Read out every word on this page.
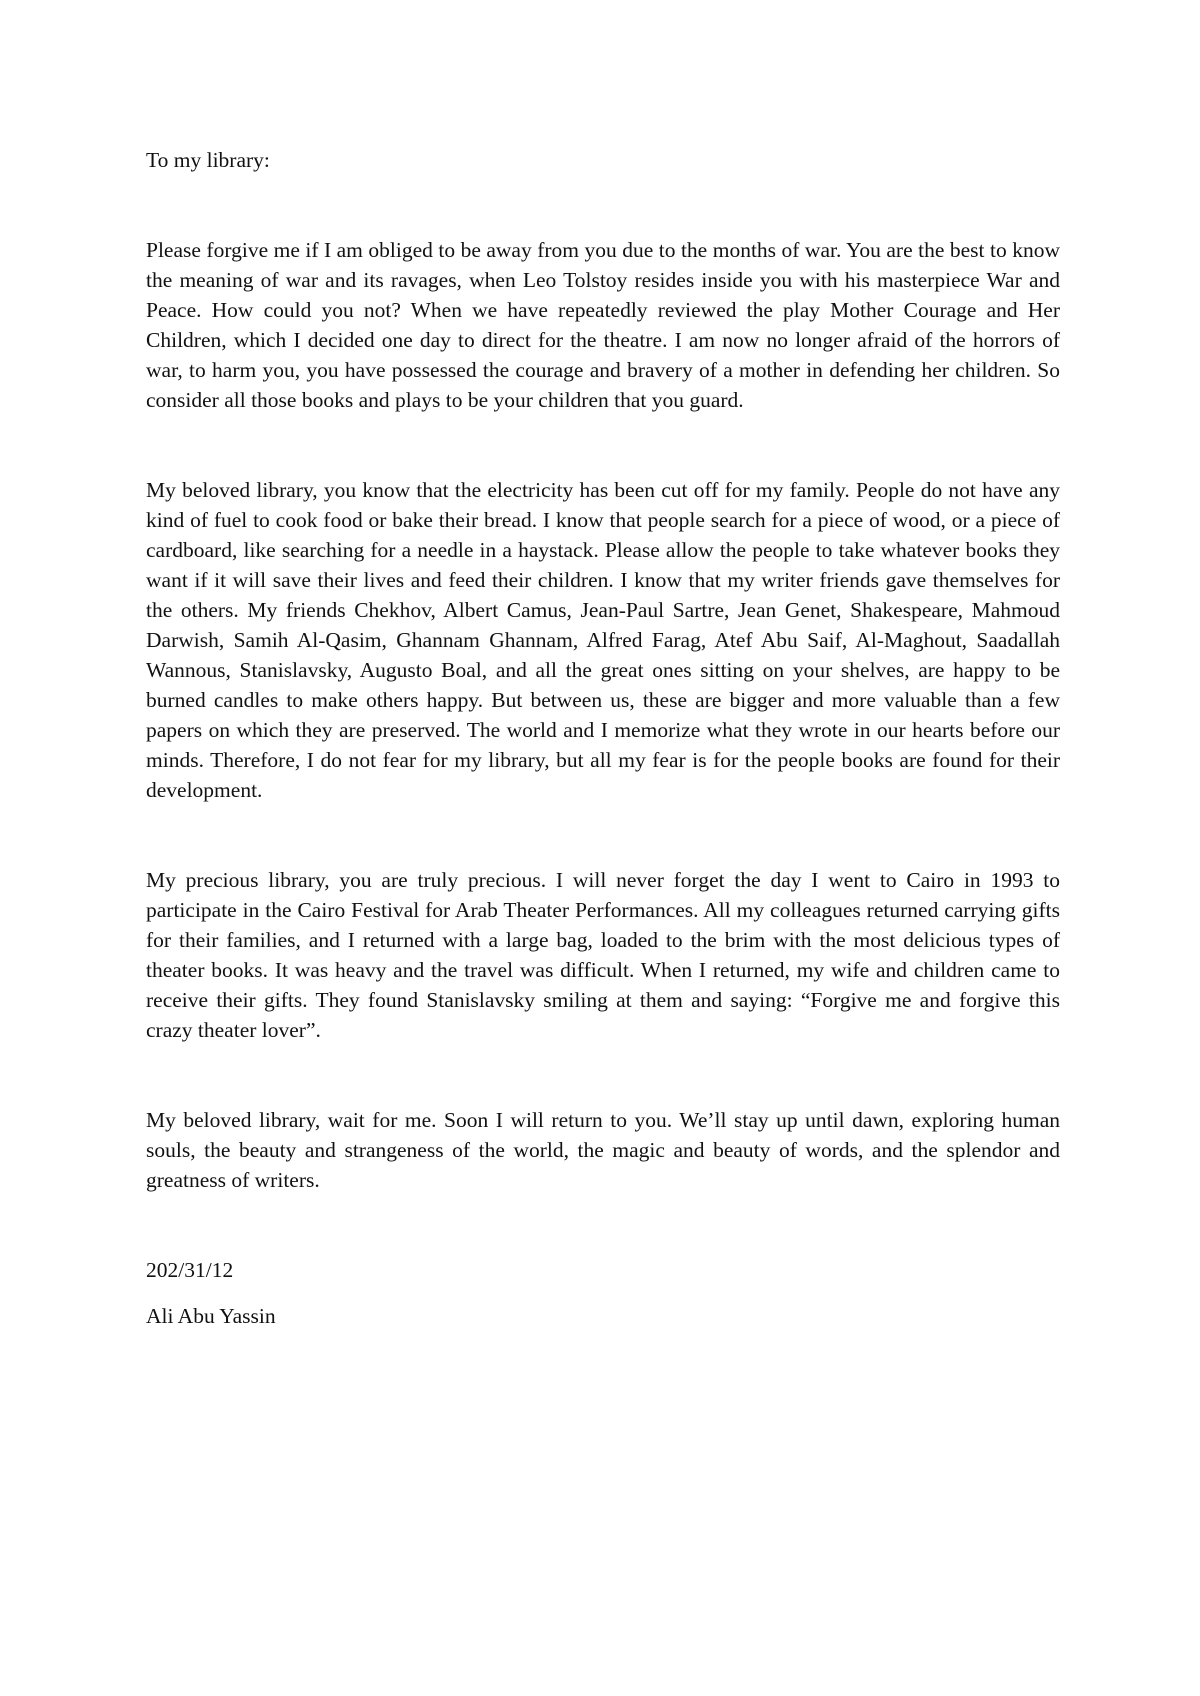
To my library:

Please forgive me if I am obliged to be away from you due to the months of war. You are the best to know the meaning of war and its ravages, when Leo Tolstoy resides inside you with his masterpiece War and Peace. How could you not? When we have repeatedly reviewed the play Mother Courage and Her Children, which I decided one day to direct for the theatre. I am now no longer afraid of the horrors of war, to harm you, you have possessed the courage and bravery of a mother in defending her children. So consider all those books and plays to be your children that you guard.

My beloved library, you know that the electricity has been cut off for my family. People do not have any kind of fuel to cook food or bake their bread. I know that people search for a piece of wood, or a piece of cardboard, like searching for a needle in a haystack. Please allow the people to take whatever books they want if it will save their lives and feed their children. I know that my writer friends gave themselves for the others. My friends Chekhov, Albert Camus, Jean-Paul Sartre, Jean Genet, Shakespeare, Mahmoud Darwish, Samih Al-Qasim, Ghannam Ghannam, Alfred Farag, Atef Abu Saif, Al-Maghout, Saadallah Wannous, Stanislavsky, Augusto Boal, and all the great ones sitting on your shelves, are happy to be burned candles to make others happy. But between us, these are bigger and more valuable than a few papers on which they are preserved. The world and I memorize what they wrote in our hearts before our minds. Therefore, I do not fear for my library, but all my fear is for the people books are found for their development.

My precious library, you are truly precious. I will never forget the day I went to Cairo in 1993 to participate in the Cairo Festival for Arab Theater Performances. All my colleagues returned carrying gifts for their families, and I returned with a large bag, loaded to the brim with the most delicious types of theater books. It was heavy and the travel was difficult. When I returned, my wife and children came to receive their gifts. They found Stanislavsky smiling at them and saying: “Forgive me and forgive this crazy theater lover”.

My beloved library, wait for me. Soon I will return to you. We’ll stay up until dawn, exploring human souls, the beauty and strangeness of the world, the magic and beauty of words, and the splendor and greatness of writers.

202/31/12

Ali Abu Yassin
